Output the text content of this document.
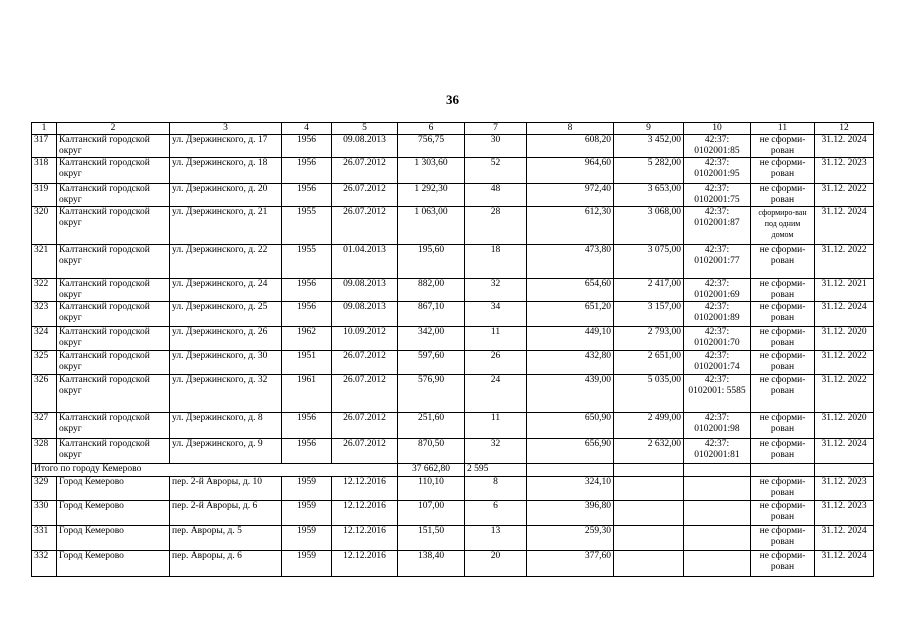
36
1	2	3	4	5	6	7	8	9	10	11	12
317	Калтанский городской округ	ул. Дзержинского, д. 17	1956	09.08.2013	756,75	30	608,20	3 452,00	42:37: 0102001:85	не сформи-рован	31.12. 2024
318	Калтанский городской округ	ул. Дзержинского, д. 18	1956	26.07.2012	1 303,60	52	964,60	5 282,00	42:37: 0102001:95	не сформи-рован	31.12. 2023
319	Калтанский городской округ	ул. Дзержинского, д. 20	1956	26.07.2012	1 292,30	48	972,40	3 653,00	42:37: 0102001:75	не сформи-рован	31.12. 2022
320	Калтанский городской округ	ул. Дзержинского, д. 21	1955	26.07.2012	1 063,00	28	612,30	3 068,00	42:37: 0102001:87	сформиро-ван под одним домом	31.12. 2024
321	Калтанский городской округ	ул. Дзержинского, д. 22	1955	01.04.2013	195,60	18	473,80	3 075,00	42:37: 0102001:77	не сформи-рован	31.12. 2022
322	Калтанский городской округ	ул. Дзержинского, д. 24	1956	09.08.2013	882,00	32	654,60	2 417,00	42:37: 0102001:69	не сформи-рован	31.12. 2021
323	Калтанский городской округ	ул. Дзержинского, д. 25	1956	09.08.2013	867,10	34	651,20	3 157,00	42:37: 0102001:89	не сформи-рован	31.12. 2024
324	Калтанский городской округ	ул. Дзержинского, д. 26	1962	10.09.2012	342,00	11	449,10	2 793,00	42:37: 0102001:70	не сформи-рован	31.12. 2020
325	Калтанский городской округ	ул. Дзержинского, д. 30	1951	26.07.2012	597,60	26	432,80	2 651,00	42:37: 0102001:74	не сформи-рован	31.12. 2022
326	Калтанский городской округ	ул. Дзержинского, д. 32	1961	26.07.2012	576,90	24	439,00	5 035,00	42:37: 0102001: 5585	не сформи-рован	31.12. 2022
327	Калтанский городской округ	ул. Дзержинского, д. 8	1956	26.07.2012	251,60	11	650,90	2 499,00	42:37: 0102001:98	не сформи-рован	31.12. 2020
328	Калтанский городской округ	ул. Дзержинского, д. 9	1956	26.07.2012	870,50	32	656,90	2 632,00	42:37: 0102001:81	не сформи-рован	31.12. 2024
Итого по городу Кемерово					37 662,80	2 595					
329	Город Кемерово	пер. 2-й Авроры, д. 10	1959	12.12.2016	110,10	8	324,10			не сформи-рован	31.12. 2023
330	Город Кемерово	пер. 2-й Авроры, д. 6	1959	12.12.2016	107,00	6	396,80			не сформи-рован	31.12. 2023
331	Город Кемерово	пер. Авроры, д. 5	1959	12.12.2016	151,50	13	259,30			не сформи-рован	31.12. 2024
332	Город Кемерово	пер. Авроры, д. 6	1959	12.12.2016	138,40	20	377,60			не сформи-рован	31.12. 2024
